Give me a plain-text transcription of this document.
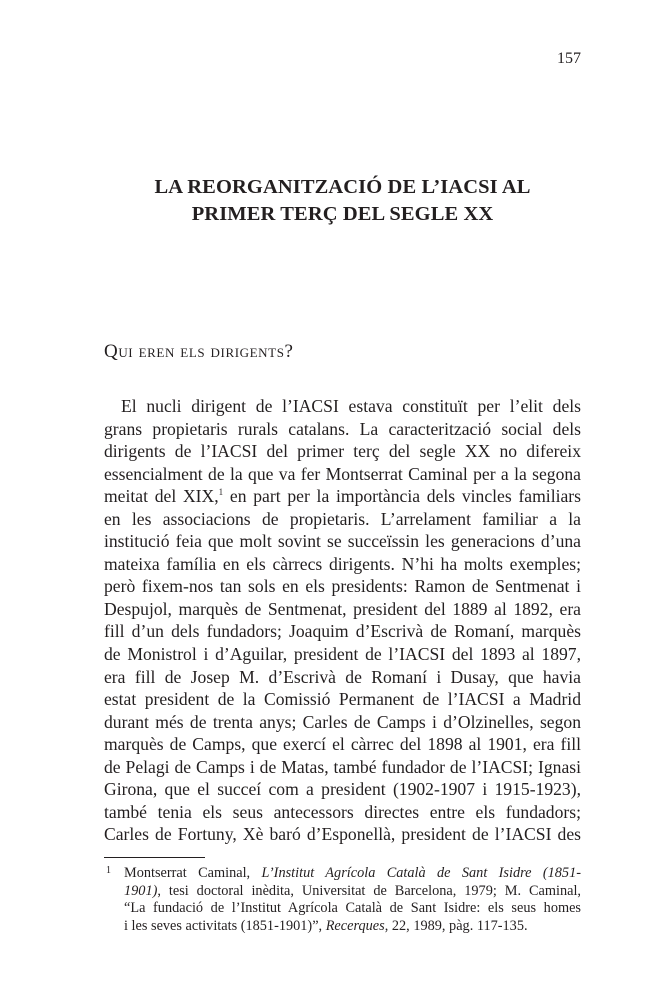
157
LA REORGANITZACIÓ DE L’IACSI AL
PRIMER TERÇ DEL SEGLE XX
Qui eren els dirigents?
El nucli dirigent de l’IACSI estava constituït per l’elit dels
grans propietaris rurals catalans. La caracterització social dels
dirigents de l’IACSI del primer terç del segle XX no difereix
essencialment de la que va fer Montserrat Caminal per a la segona
meitat del XIX,$^1$ en part per la importància dels vincles familiars
en les associacions de propietaris. L’arrelament familiar a la
institució feia que molt sovint se succeïssin les generacions d’una
mateixa família en els càrrecs dirigents. N’hi ha molts exemples;
però fixem-nos tan sols en els presidents: Ramon de Sentmenat i
Despujol, marquès de Sentmenat, president del 1889 al 1892, era
fill d’un dels fundadors; Joaquim d’Escrivà de Romaní, marquès
de Monistrol i d’Aguilar, president de l’IACSI del 1893 al 1897,
era fill de Josep M. d’Escrivà de Romaní i Dusay, que havia
estat president de la Comissió Permanent de l’IACSI a Madrid
durant més de trenta anys; Carles de Camps i d’Olzinelles, segon
marquès de Camps, que exercí el càrrec del 1898 al 1901, era fill
de Pelagi de Camps i de Matas, també fundador de l’IACSI; Ignasi
Girona, que el succeí com a president (1902-1907 i 1915-1923),
també tenia els seus antecessors directes entre els fundadors;
Carles de Fortuny, Xè baró d’Esponellà, president de l’IACSI des
1 Montserrat Caminal, L’Institut Agrícola Català de Sant Isidre (1851-
1901), tesi doctoral inèdita, Universitat de Barcelona, 1979; M. Caminal,
“La fundació de l’Institut Agrícola Català de Sant Isidre: els seus homes
i les seves activitats (1851-1901)”, Recerques, 22, 1989, pàg. 117-135.
